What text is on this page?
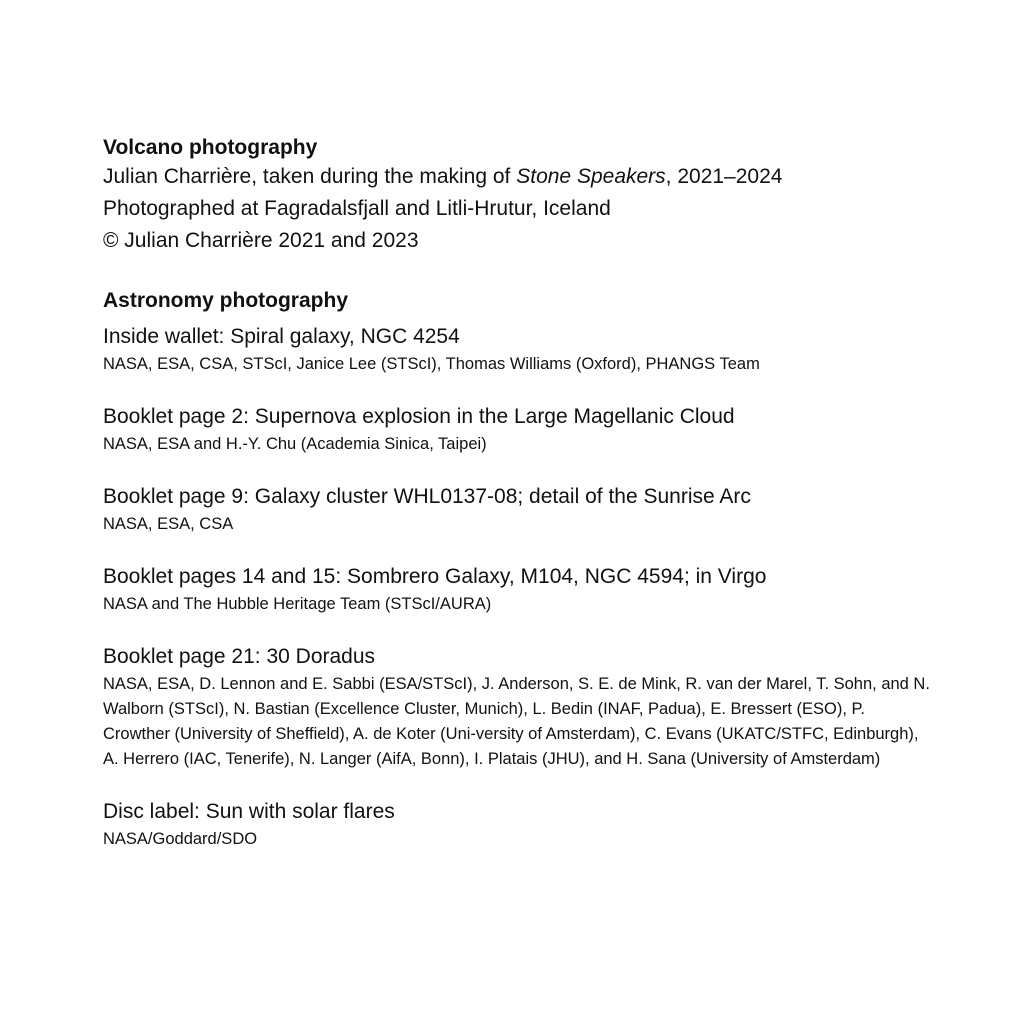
Volcano photography

Julian Charrière, taken during the making of Stone Speakers, 2021–2024

Photographed at Fagradalsfjall and Litli-Hrutur, Iceland

© Julian Charrière 2021 and 2023

Astronomy photography

Inside wallet: Spiral galaxy, NGC 4254

NASA, ESA, CSA, STScI, Janice Lee (STScI), Thomas Williams (Oxford), PHANGS Team

Booklet page 2: Supernova explosion in the Large Magellanic Cloud

NASA, ESA and H.-Y. Chu (Academia Sinica, Taipei)

Booklet page 9: Galaxy cluster WHL0137-08; detail of the Sunrise Arc

NASA, ESA, CSA

Booklet pages 14 and 15: Sombrero Galaxy, M104, NGC 4594; in Virgo

NASA and The Hubble Heritage Team (STScI/AURA)

Booklet page 21: 30 Doradus

NASA, ESA, D. Lennon and E. Sabbi (ESA/STScI), J. Anderson, S. E. de Mink, R. van der Marel, T. Sohn, and N. Walborn (STScI), N. Bastian (Excellence Cluster, Munich), L. Bedin (INAF, Padua), E. Bressert (ESO), P. Crowther (University of Sheffield), A. de Koter (Uni-versity of Amsterdam), C. Evans (UKATC/STFC, Edinburgh), A. Herrero (IAC, Tenerife), N. Langer (AifA, Bonn), I. Platais (JHU), and H. Sana (University of Amsterdam)

Disc label: Sun with solar flares

NASA/Goddard/SDO
